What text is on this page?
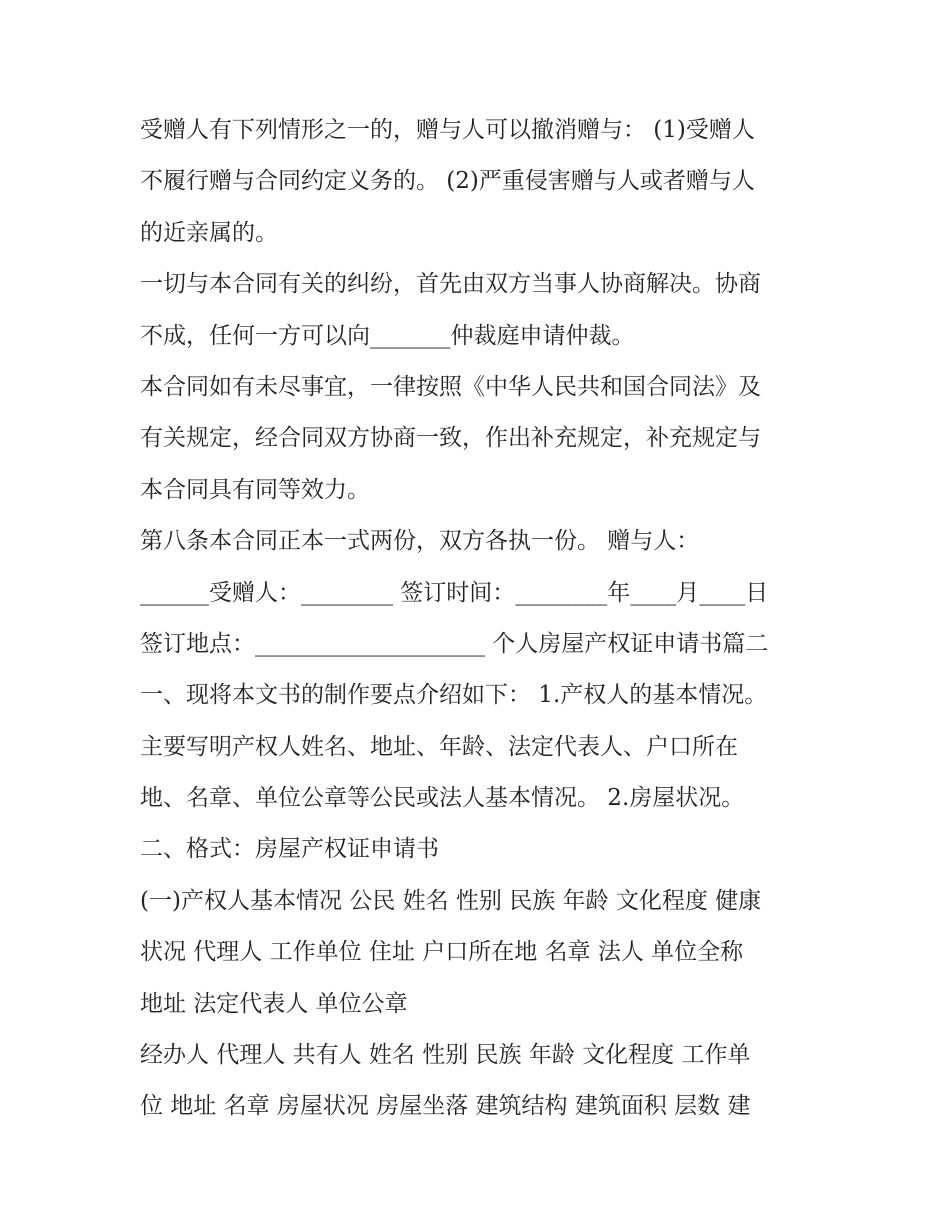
受赠人有下列情形之一的，赠与人可以撤消赠与： (1)受赠人
不履行赠与合同约定义务的。 (2)严重侵害赠与人或者赠与人
的近亲属的。
一切与本合同有关的纠纷，首先由双方当事人协商解决。协商
不成，任何一方可以向_______仲裁庭申请仲裁。
本合同如有未尽事宜，一律按照《中华人民共和国合同法》及
有关规定，经合同双方协商一致，作出补充规定，补充规定与
本合同具有同等效力。
第八条本合同正本一式两份，双方各执一份。 赠与人：
______受赠人：________ 签订时间：________年____月____日
签订地点：____________________ 个人房屋产权证申请书篇二
一、现将本文书的制作要点介绍如下： 1.产权人的基本情况。
主要写明产权人姓名、地址、年龄、法定代表人、户口所在
地、名章、单位公章等公民或法人基本情况。 2.房屋状况。
二、格式：房屋产权证申请书
(一)产权人基本情况 公民 姓名 性别 民族 年龄 文化程度 健康
状况 代理人 工作单位 住址 户口所在地 名章 法人 单位全称
地址 法定代表人 单位公章
经办人 代理人 共有人 姓名 性别 民族 年龄 文化程度 工作单
位 地址 名章 房屋状况 房屋坐落 建筑结构 建筑面积 层数 建
